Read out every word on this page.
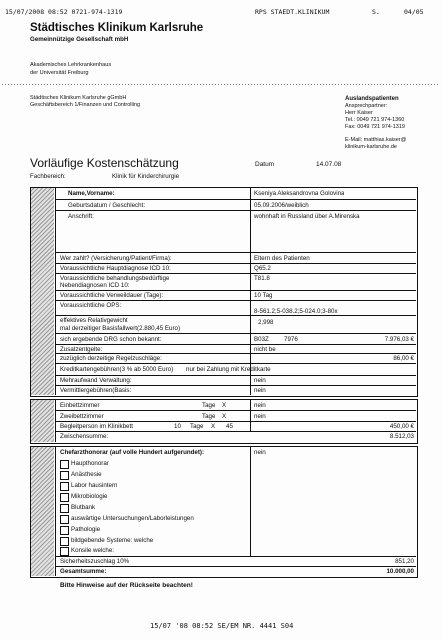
15/07/2008 08:52 0721-974-1319	RPS STAEDT.KLINIKUM	S.	04/05
Städtisches Klinikum Karlsruhe
Gemeinnützige Gesellschaft mbH
Akademisches Lehrkrankenhaus
der Universität Freiburg
Städtisches Klinikum Karlsruhe gGmbH
Geschäftsbereich 1/Finanzen und Controlling
Auslandspatienten
Ansprechpartner:
Herr Kaiser
Tel.: 0049 721 974-1360
Fax: 0049 721 974-1319
E-Mail: matthias.kaiser@
klinikum-karlsruhe.de
Vorläufige Kostenschätzung	Datum	14.07.08
Fachbereich:	Klinik für Kinderchirurgie
Name,Vorname:	Kseniya Aleksandrovna Golovina
Geburtsdatum / Geschlecht:	05.09.2006/weiblich
Anschrift:	wohnhaft in Russland über A.Mirenska
Wer zahlt? (Versicherung/Patient/Firma):	Eltern des Patienten
Voraussichtliche Hauptdiagnose ICD 10:	Q65.2
Voraussichtliche behandlungsbedürftige
Nebendiagnosen ICD 10:
T81.8
Voraussichtliche Verweildauer (Tage):	10 Tag
Voraussichtliche OPS:
8-561.2;5-038.2;5-024.0;3-80x
effektives Relativgewicht
mal derzeitiger Basisfallwert(2.880,45 Euro)
2,998
sich ergebende DRG schon bekannt:	B03Z 7976	7.976,03 €
Zusatzentgelte:	nicht be
zuzüglich derzeitige Regelzuschläge:	86,00 €
Kreditkartengebühren(3 % ab 5000 Euro) nur bei Zahlung mit Kreditkarte
Mehraufwand Verwaltung:	nein
Vermittlergebühren(Basis:	nein
Einbettzimmer	Tage X	nein
Zweibettzimmer	Tage X	nein
Begleitperson im Klinikbett	10 Tage X 45	450,00 €
Zwischensumme:	8.512,03
Chefarzthonorar (auf volle Hundert aufgerundet):	nein
Haupthonorar
Anästhesie
Labor hausintern
Mikrobiologie
Blutbank
auswärtige Untersuchungen/Laborleistungen
Pathologie
bildgebende Systeme: welche
Konsile welche:
Sicherheitszuschlag 10%	851,20
Gesamtsumme:	10.000,00
Bitte Hinweise auf der Rückseite beachten!
15/07 '08 08:52 SE/EM NR. 4441 S04
